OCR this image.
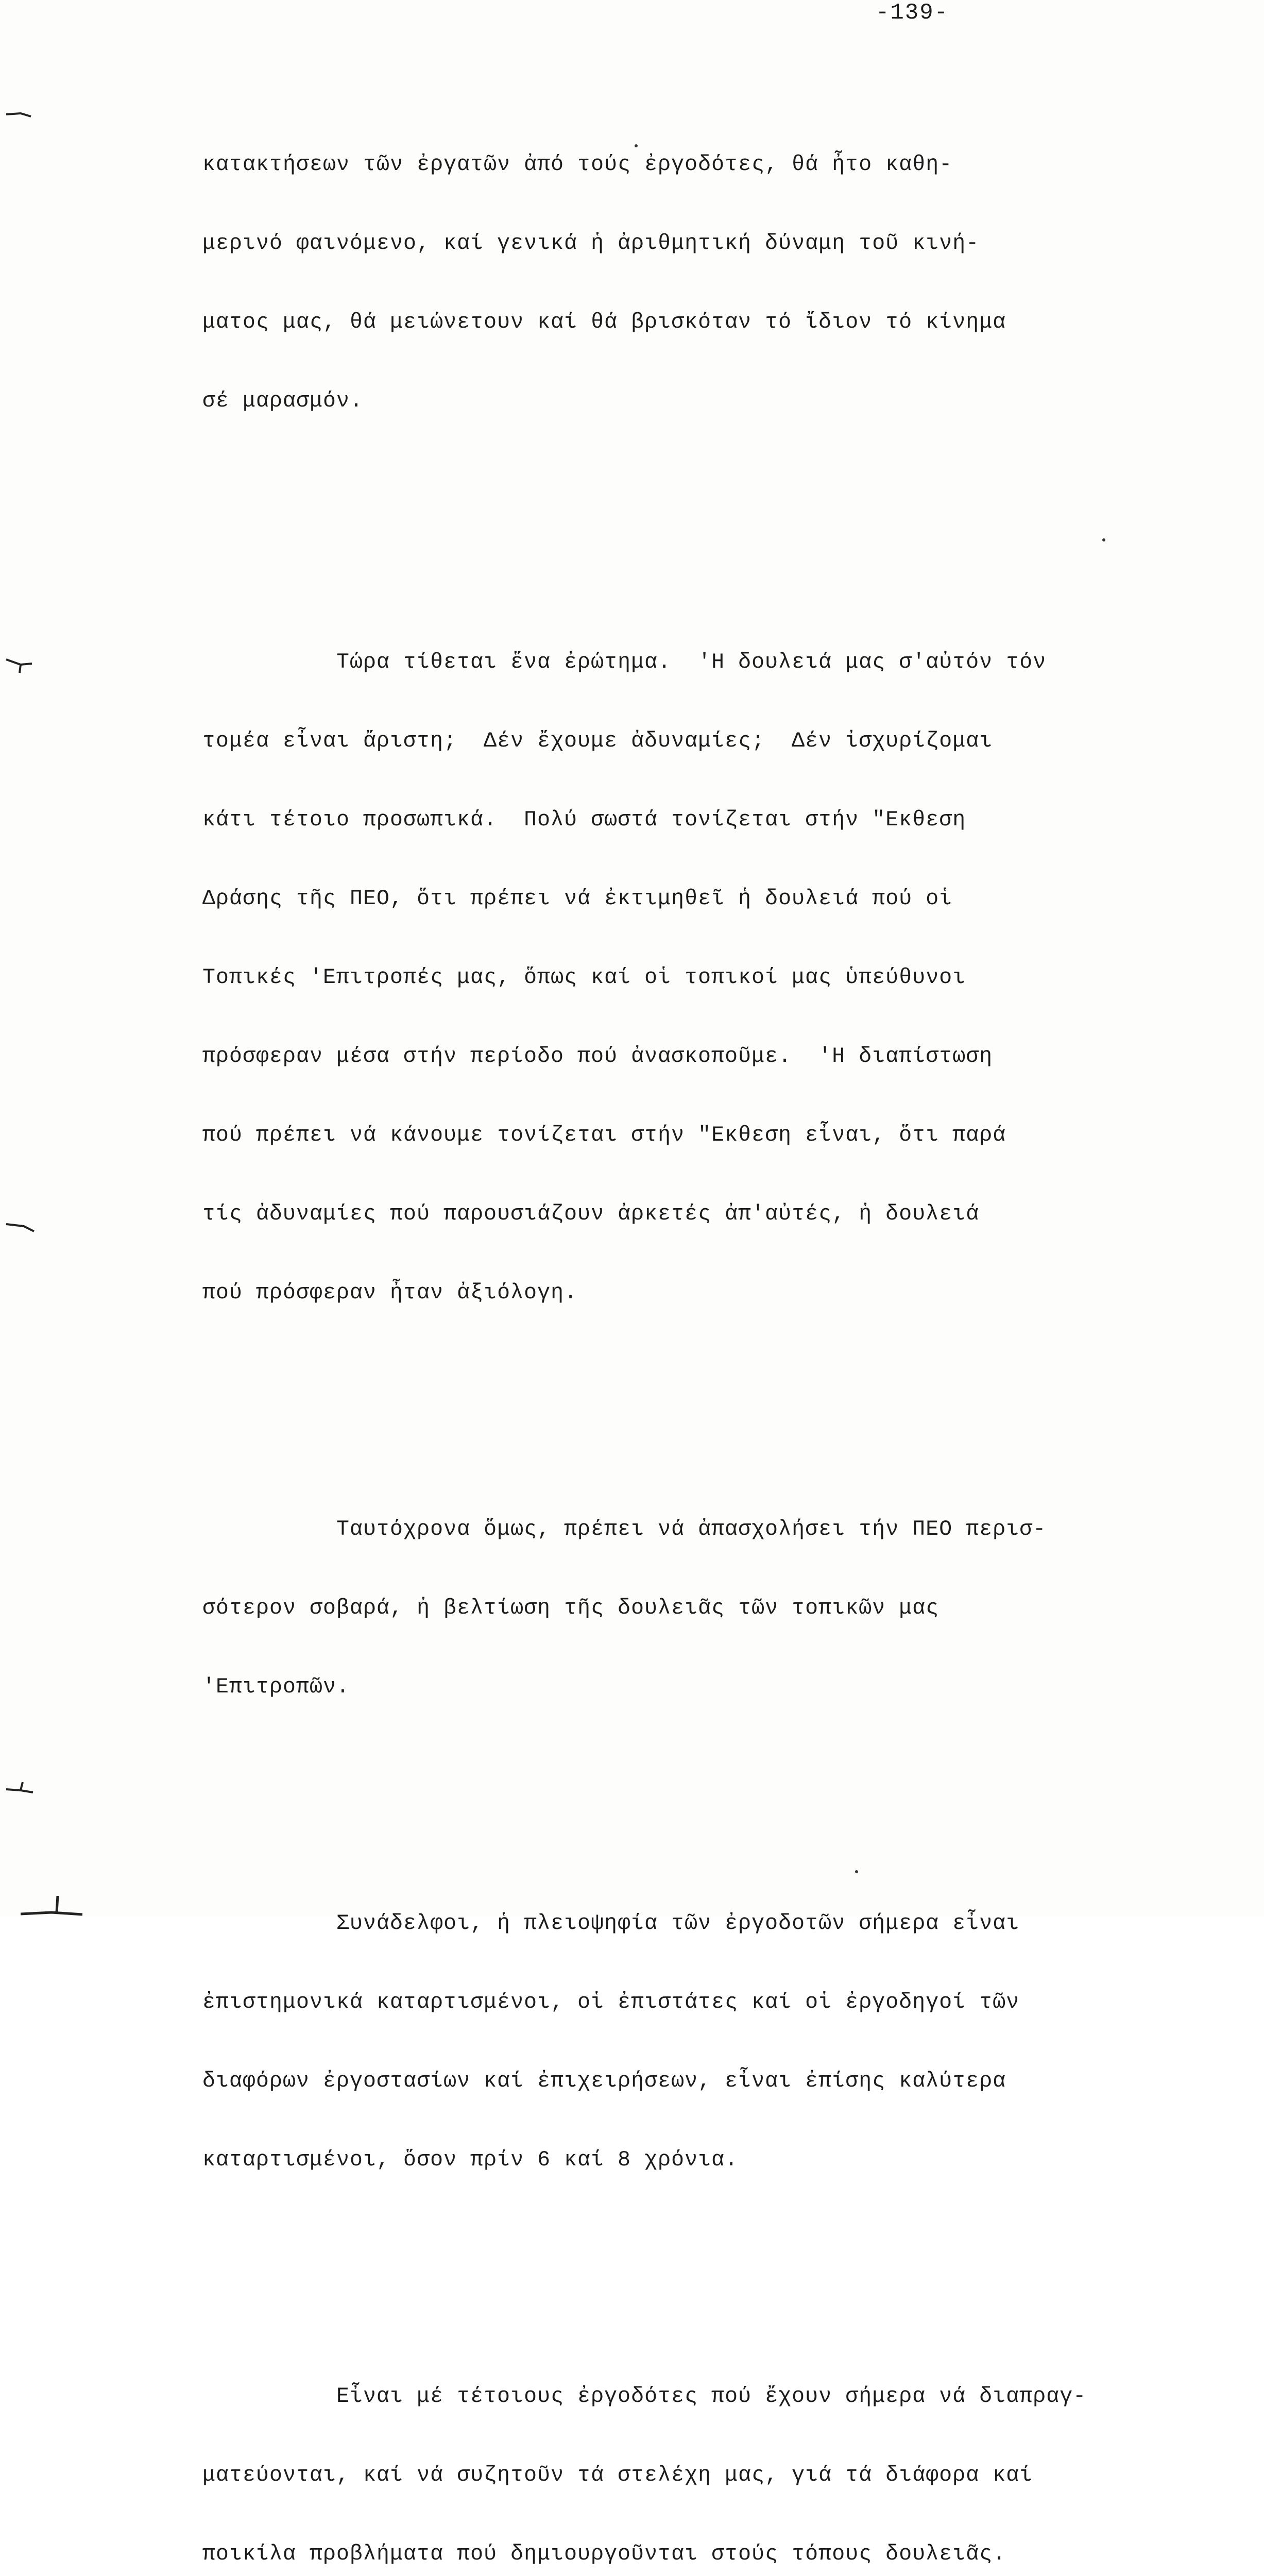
-139-

κατακτήσεων τῶν ἐργατῶν ἀπό τούς ἐργοδότες, θά ἦτο καθη-

μερινό φαινόμενο, καί γενικά ἡ ἀριθμητική δύναμη τοῦ κινή-

ματος μας, θά μειώνετουν καί θά βρισκόταν τό ἴδιον τό κίνημα

σέ μαρασμόν.

Τώρα τίθεται ἕνα ἐρώτημα.  'Η δουλειά μας σ'αὐτόν τόν

τομέα εἶναι ἄριστη;  Δέν ἔχουμε ἀδυναμίες;  Δέν ἰσχυρίζομαι

κάτι τέτοιο προσωπικά.  Πολύ σωστά τονίζεται στήν "Εκθεση

Δράσης τῆς ΠΕΟ, ὅτι πρέπει νά ἐκτιμηθεῖ ἡ δουλειά πού οἱ

Τοπικές 'Επιτροπές μας, ὅπως καί οἱ τοπικοί μας ὑπεύθυνοι

πρόσφεραν μέσα στήν περίοδο πού ἀνασκοποῦμε.  'Η διαπίστωση

πού πρέπει νά κάνουμε τονίζεται στήν "Εκθεση εἶναι, ὅτι παρά

τίς ἀδυναμίες πού παρουσιάζουν ἀρκετές ἀπ'αὐτές, ἡ δουλειά

πού πρόσφεραν ἦταν ἀξιόλογη.

Ταυτόχρονα ὅμως, πρέπει νά ἀπασχολήσει τήν ΠΕΟ περισ-

σότερον σοβαρά, ἡ βελτίωση τῆς δουλειᾶς τῶν τοπικῶν μας

'Επιτροπῶν.

Συνάδελφοι, ἡ πλειοψηφία τῶν ἐργοδοτῶν σήμερα εἶναι

ἐπιστημονικά καταρτισμένοι, οἱ ἐπιστάτες καί οἱ ἐργοδηγοί τῶν

διαφόρων ἐργοστασίων καί ἐπιχειρήσεων, εἶναι ἐπίσης καλύτερα

καταρτισμένοι, ὅσον πρίν 6 καί 8 χρόνια.

Εἶναι μέ τέτοιους ἐργοδότες πού ἔχουν σήμερα νά διαπραγ-

ματεύονται, καί νά συζητοῦν τά στελέχη μας, γιά τά διάφορα καί

ποικίλα προβλήματα πού δημιουργοῦνται στούς τόπους δουλειᾶς.
